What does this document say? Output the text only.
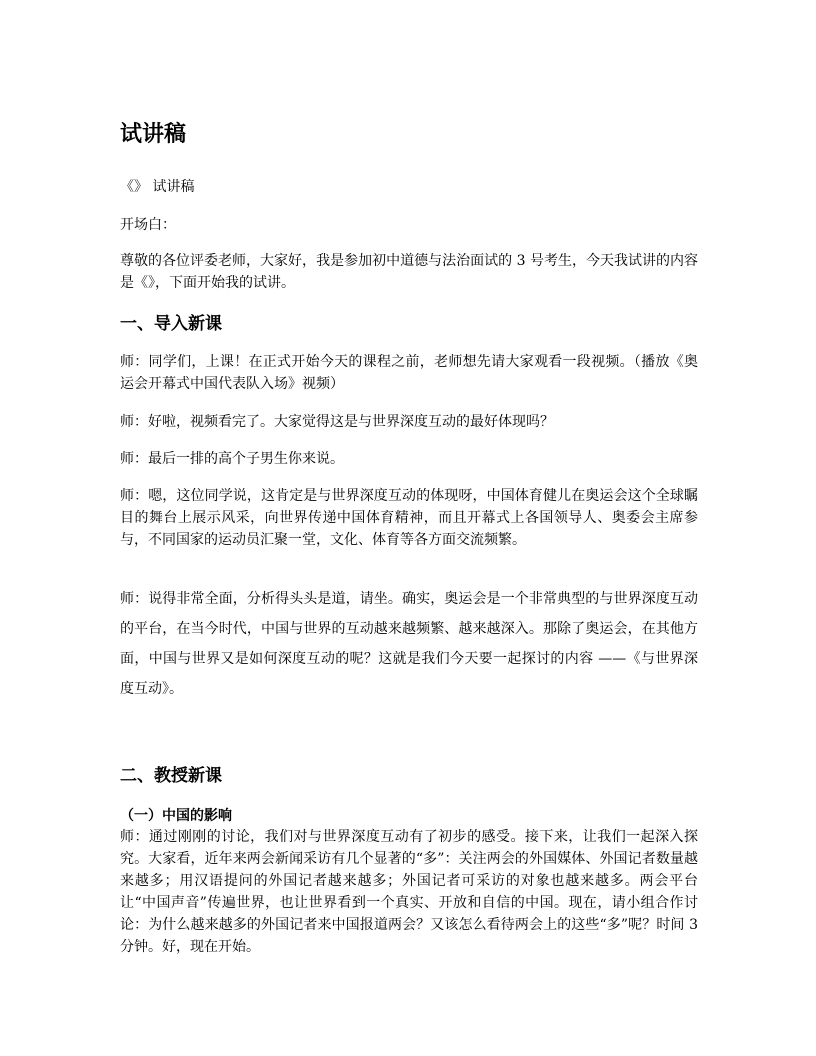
试讲稿

《》 试讲稿

开场白：

尊敬的各位评委老师，大家好，我是参加初中道德与法治面试的 3 号考生，今天我试讲的内容是《》，下面开始我的试讲。

一、导入新课

师：同学们，上课！在正式开始今天的课程之前，老师想先请大家观看一段视频。（播放《奥运会开幕式中国代表队入场》视频）

师：好啦，视频看完了。大家觉得这是与世界深度互动的最好体现吗？

师：最后一排的高个子男生你来说。

师：嗯，这位同学说，这肯定是与世界深度互动的体现呀，中国体育健儿在奥运会这个全球瞩目的舞台上展示风采，向世界传递中国体育精神，而且开幕式上各国领导人、奥委会主席参与，不同国家的运动员汇聚一堂，文化、体育等各方面交流频繁。

师：说得非常全面，分析得头头是道，请坐。确实，奥运会是一个非常典型的与世界深度互动的平台，在当今时代，中国与世界的互动越来越频繁、越来越深入。那除了奥运会，在其他方面，中国与世界又是如何深度互动的呢？这就是我们今天要一起探讨的内容 ——《与世界深度互动》。

二、教授新课
（一）中国的影响

师：通过刚刚的讨论，我们对与世界深度互动有了初步的感受。接下来，让我们一起深入探究。大家看，近年来两会新闻采访有几个显著的“多”：关注两会的外国媒体、外国记者数量越来越多；用汉语提问的外国记者越来越多；外国记者可采访的对象也越来越多。两会平台让“中国声音”传遍世界，也让世界看到一个真实、开放和自信的中国。现在，请小组合作讨论：为什么越来越多的外国记者来中国报道两会？又该怎么看待两会上的这些“多”呢？时间 3 分钟。好，现在开始。
